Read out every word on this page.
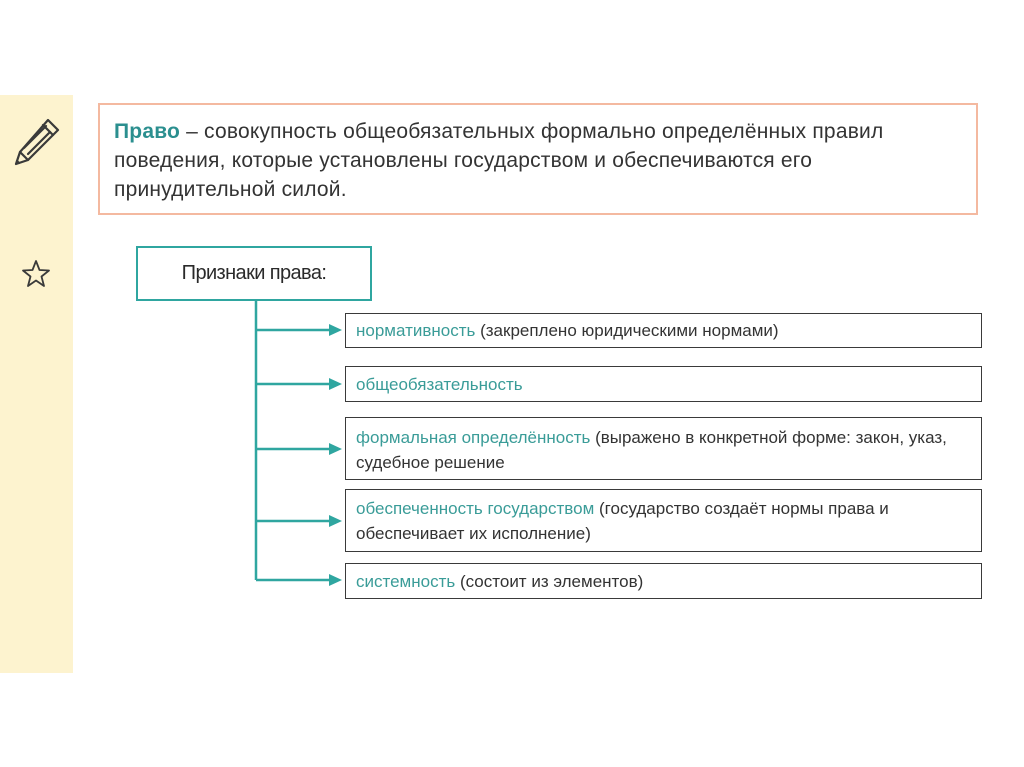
Право – совокупность общеобязательных формально определённых правил поведения, которые установлены государством и обеспечиваются его принудительной силой.
Признаки права:
нормативность (закреплено юридическими нормами)
общеобязательность
формальная определённость (выражено в конкретной форме: закон, указ, судебное решение
обеспеченность государством (государство создаёт нормы права и обеспечивает их исполнение)
системность (состоит из элементов)
